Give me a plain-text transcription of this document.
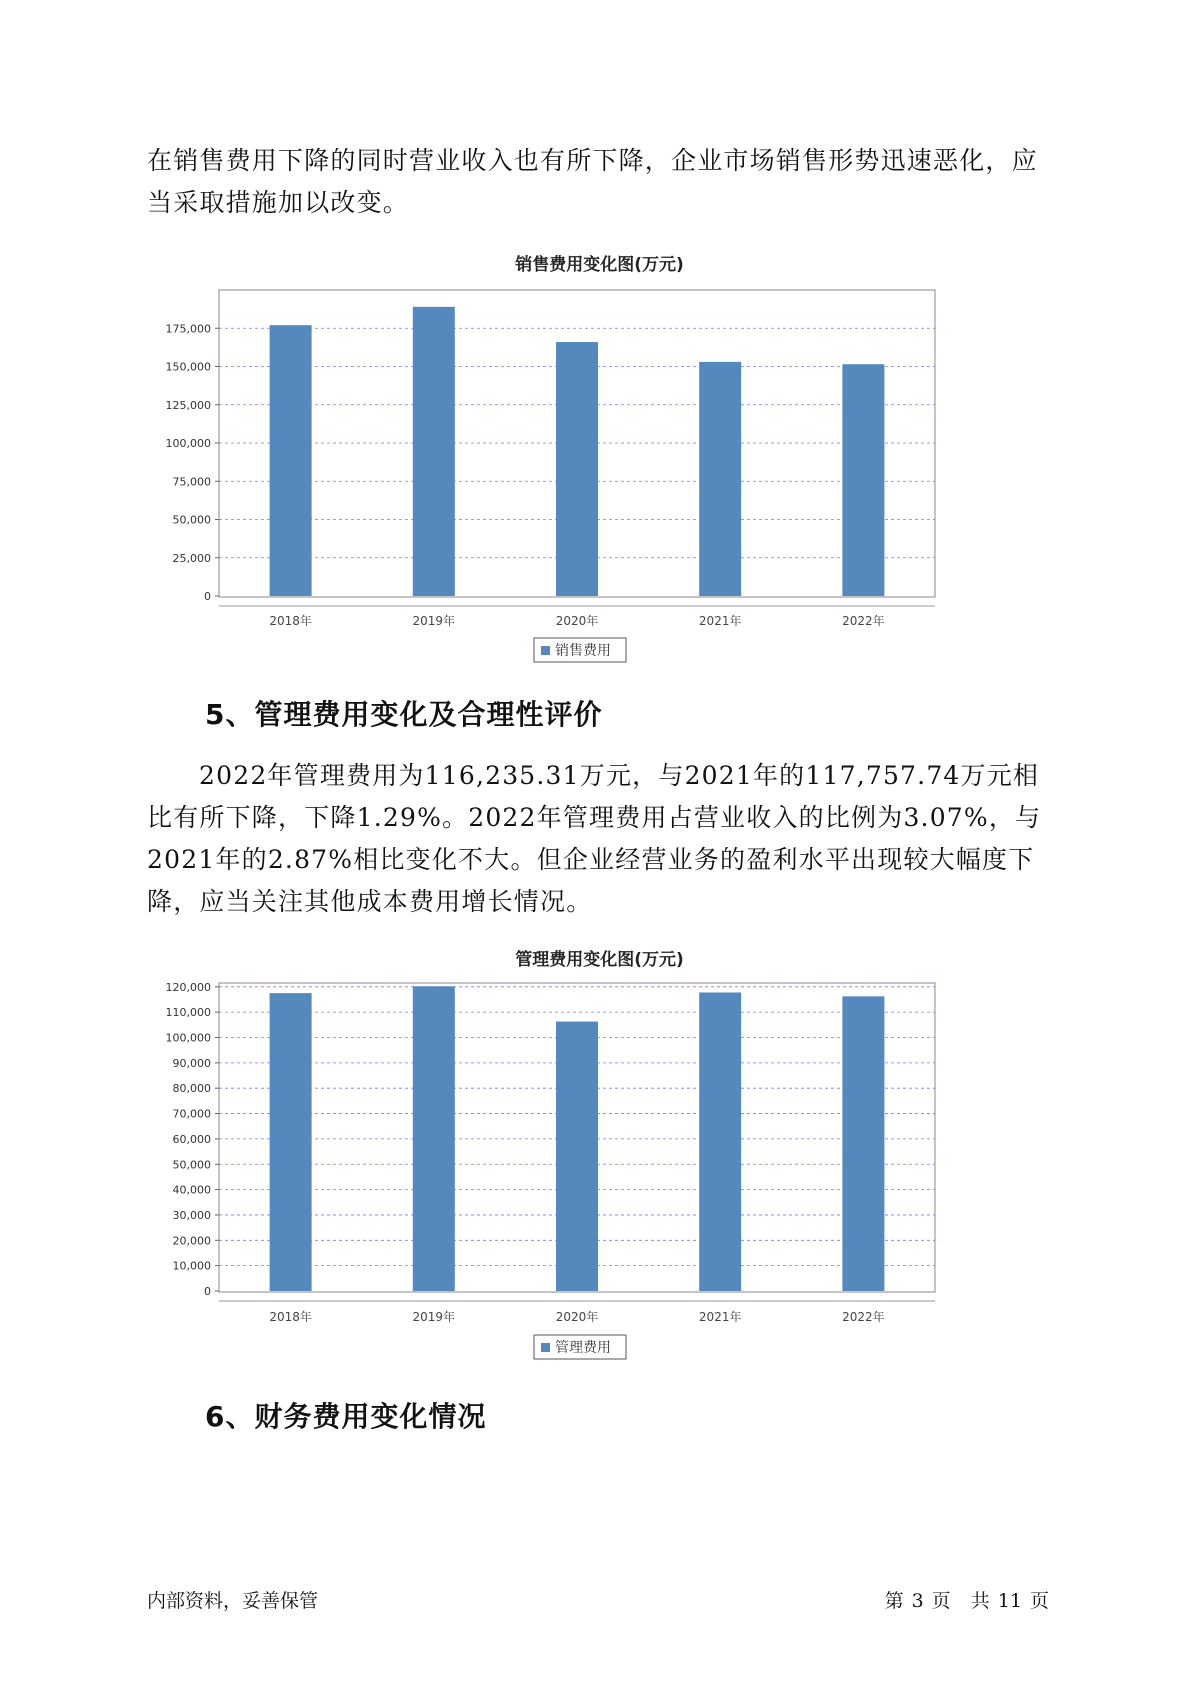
在销售费用下降的同时营业收入也有所下降，企业市场销售形势迅速恶化，应当采取措施加以改变。

销售费用变化图(万元)
0
25,000
50,000
75,000
100,000
125,000
150,000
175,000
2018年	2019年	2020年	2021年	2022年
销售费用
5、管理费用变化及合理性评价

2022年管理费用为116,235.31万元，与2021年的117,757.74万元相比有所下降，下降1.29%。2022年管理费用占营业收入的比例为3.07%，与2021年的2.87%相比变化不大。但企业经营业务的盈利水平出现较大幅度下降，应当关注其他成本费用增长情况。

管理费用变化图(万元)
0
10,000
20,000
30,000
40,000
50,000
60,000
70,000
80,000
90,000
100,000
110,000
120,000
2018年	2019年	2020年	2021年	2022年
管理费用
6、财务费用变化情况
内部资料，妥善保管	第 3 页 共 11 页
